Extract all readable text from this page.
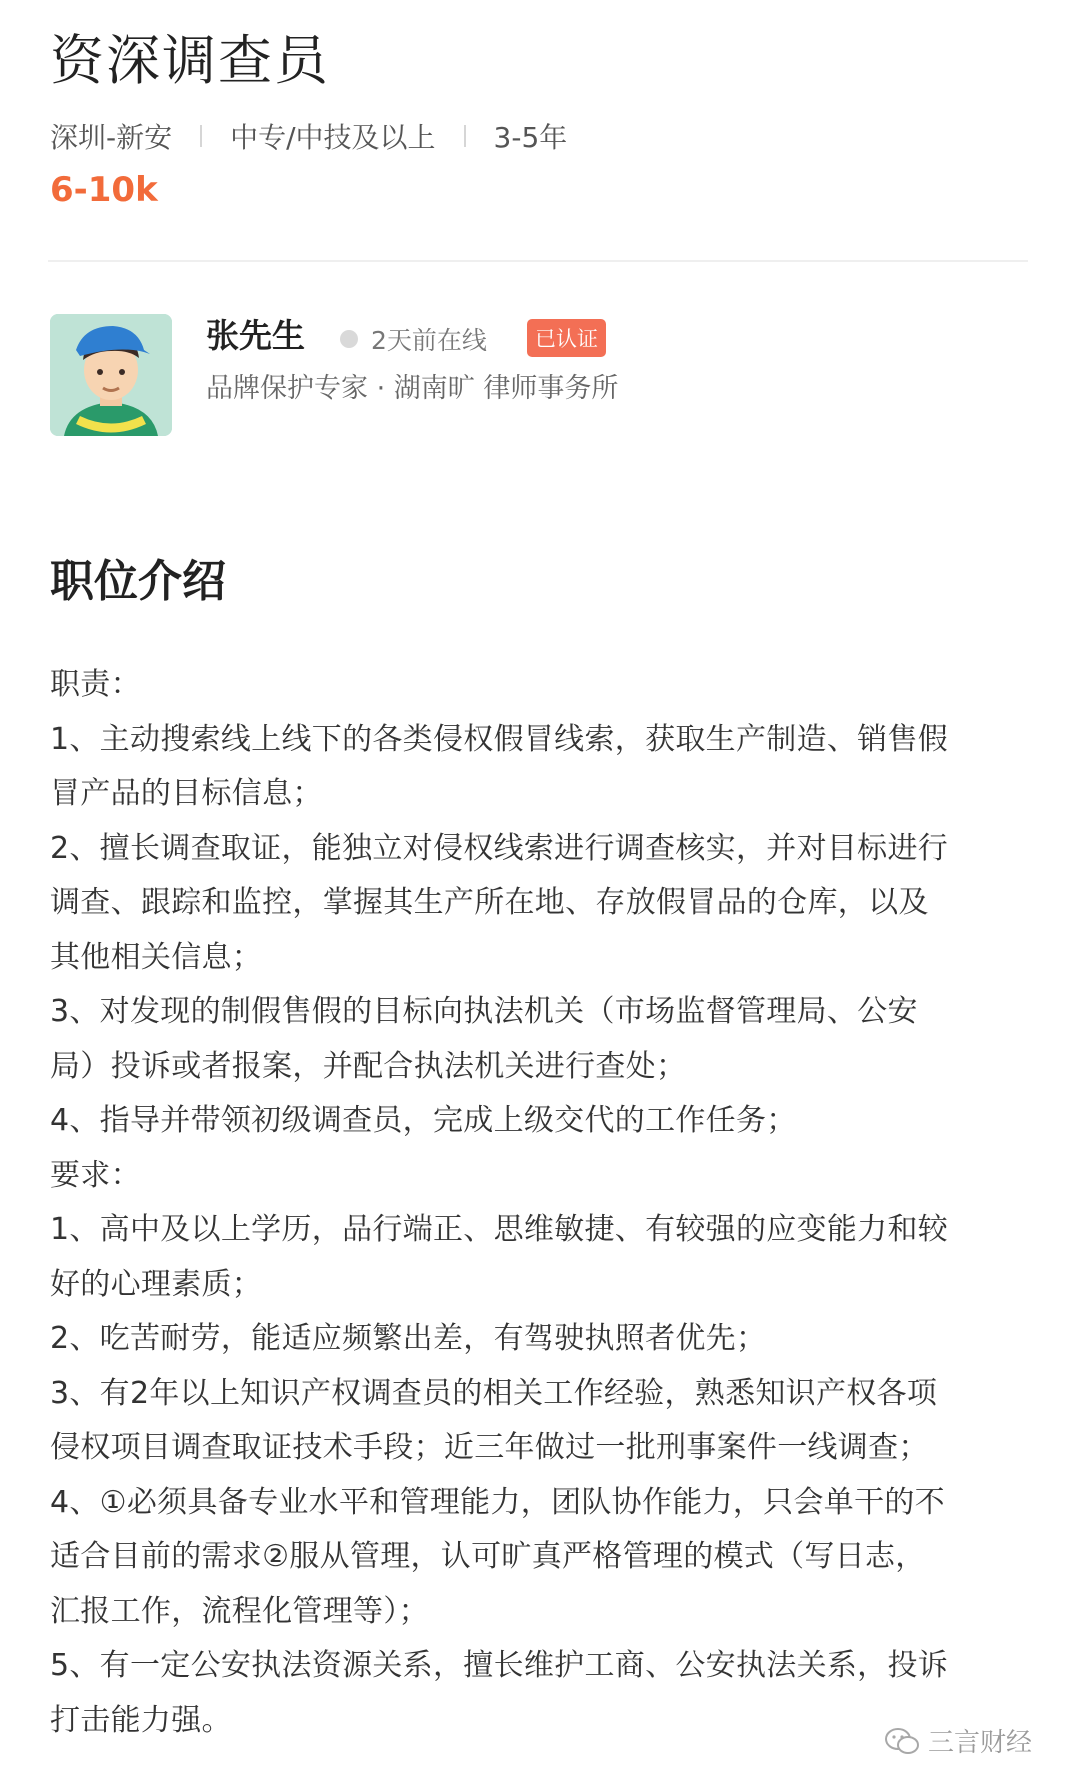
资深调查员
深圳-新安 中专/中技及以上 3-5年
6-10k
张先生	2天前在线	已认证
品牌保护专家 · 湖南旷 律师事务所
职位介绍
职责：
1、主动搜索线上线下的各类侵权假冒线索，获取生产制造、销售假
冒产品的目标信息；
2、擅长调查取证，能独立对侵权线索进行调查核实，并对目标进行
调查、跟踪和监控，掌握其生产所在地、存放假冒品的仓库，以及
其他相关信息；
3、对发现的制假售假的目标向执法机关（市场监督管理局、公安
局）投诉或者报案，并配合执法机关进行查处；
4、指导并带领初级调查员，完成上级交代的工作任务；
要求：
1、高中及以上学历，品行端正、思维敏捷、有较强的应变能力和较
好的心理素质；
2、吃苦耐劳，能适应频繁出差，有驾驶执照者优先；
3、有2年以上知识产权调查员的相关工作经验，熟悉知识产权各项
侵权项目调查取证技术手段；近三年做过一批刑事案件一线调查；
4、①必须具备专业水平和管理能力，团队协作能力，只会单干的不
适合目前的需求②服从管理，认可旷真严格管理的模式（写日志，
汇报工作，流程化管理等）；
5、有一定公安执法资源关系，擅长维护工商、公安执法关系，投诉
打击能力强。
三言财经
